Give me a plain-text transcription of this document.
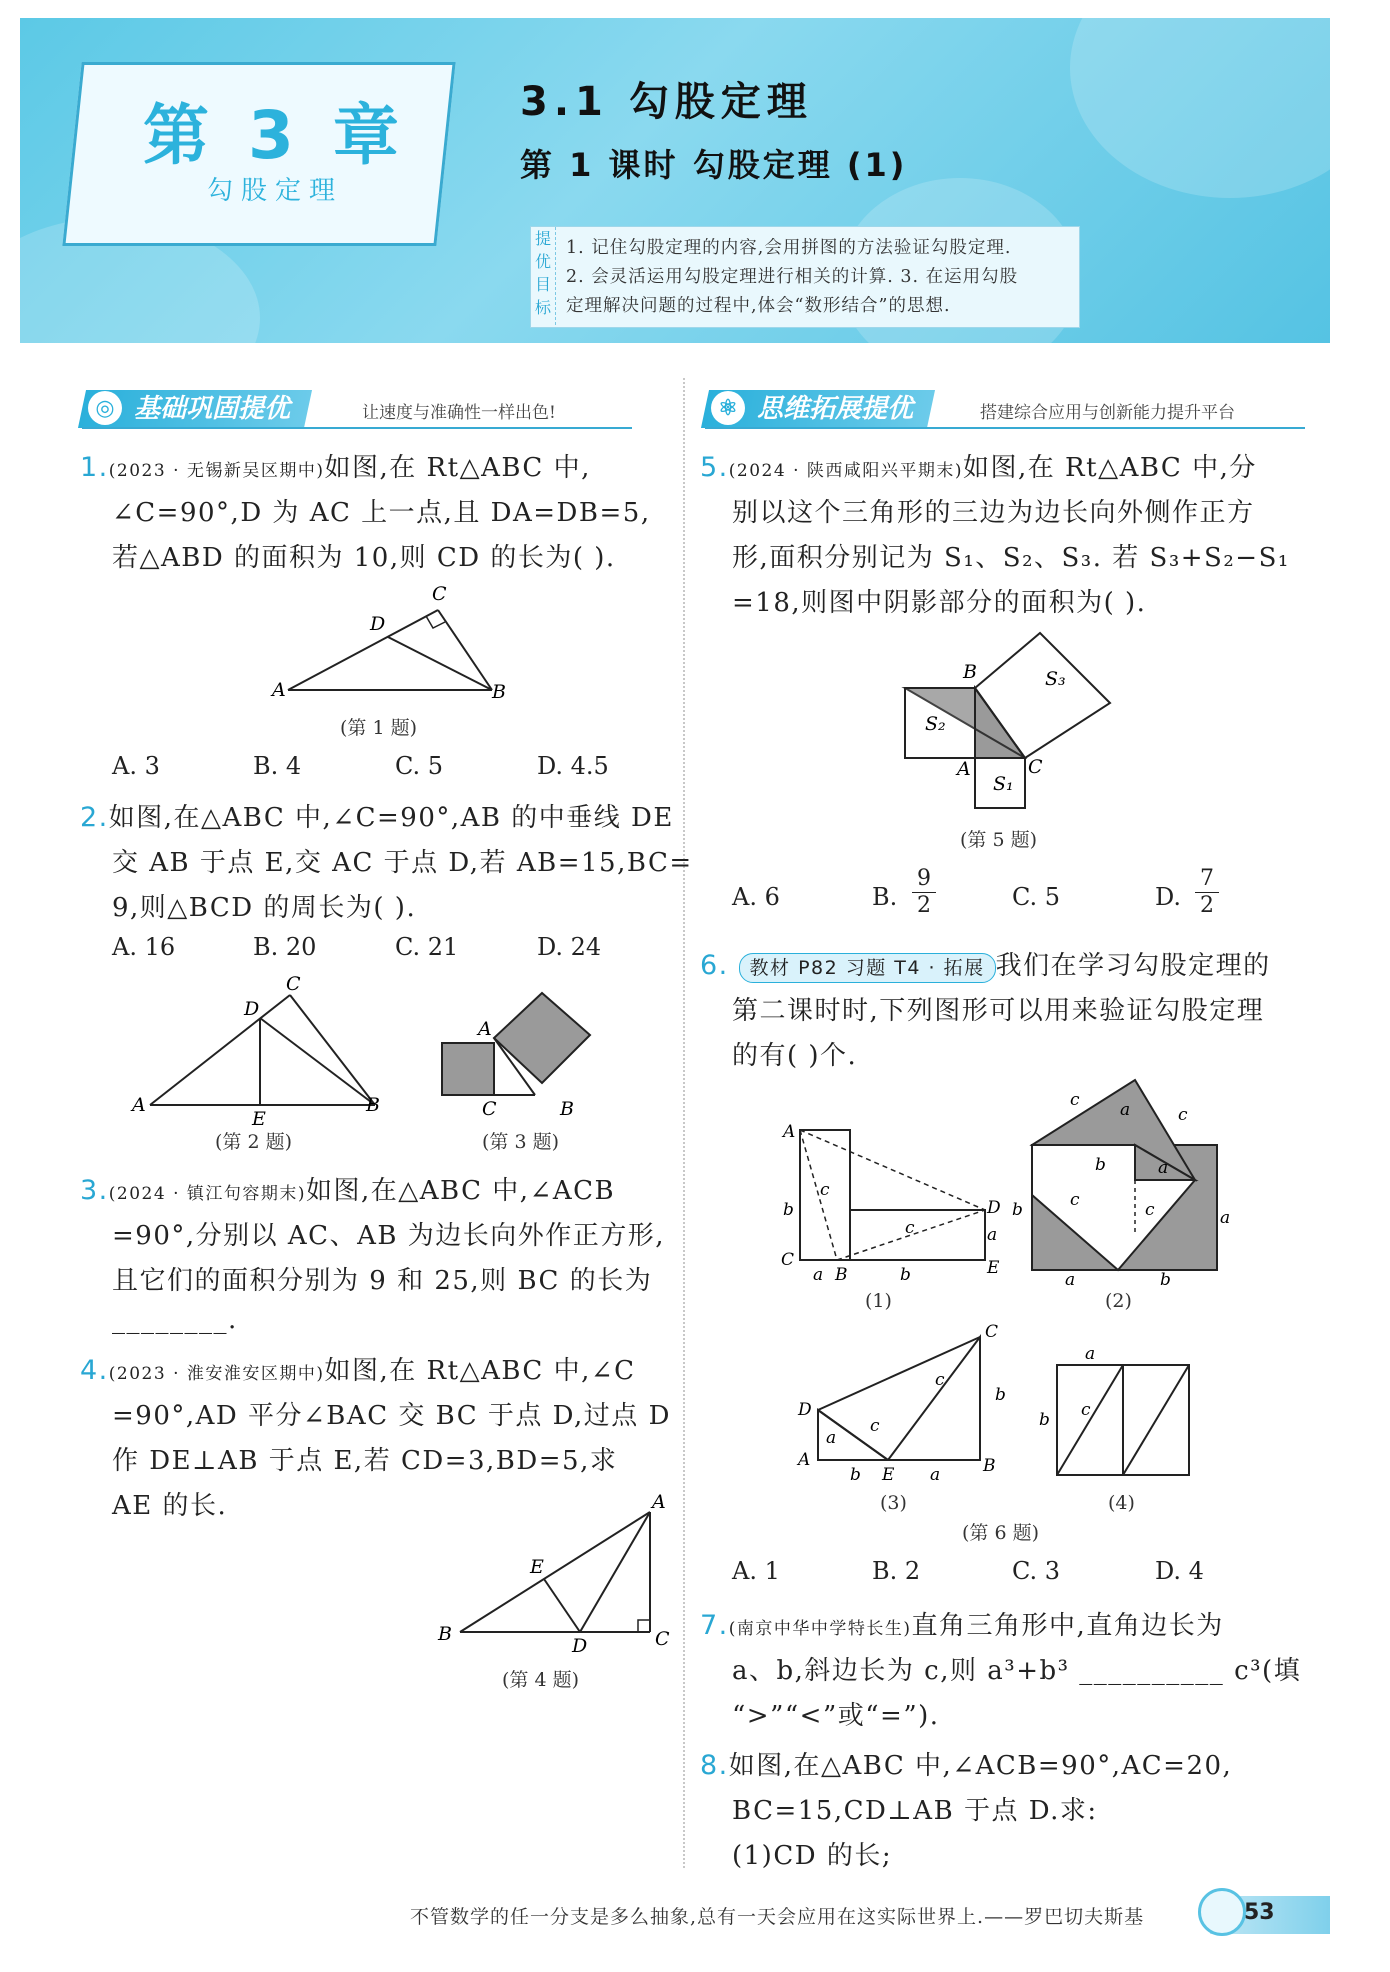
第 3 章
勾股定理
3.1 勾股定理
第 1 课时 勾股定理 (1)
提优目标
1. 记住勾股定理的内容,会用拼图的方法验证勾股定理.
2. 会灵活运用勾股定理进行相关的计算. 3. 在运用勾股
定理解决问题的过程中,体会“数形结合”的思想.
基础巩固提优
◎	让速度与准确性一样出色!	思维拓展提优
⚛	搭建综合应用与创新能力提升平台
1.(2023 · 无锡新吴区期中)如图,在 Rt△ABC 中,
∠C=90°,D 为 AC 上一点,且 DA=DB=5,
若△ABD 的面积为 10,则 CD 的长为( ).
A	B
C
D
(第 1 题)
A. 3	B. 4	C. 5	D. 4.5
2.如图,在△ABC 中,∠C=90°,AB 的中垂线 DE
交 AB 于点 E,交 AC 于点 D,若 AB=15,BC=
9,则△BCD 的周长为( ).
A. 16	B. 20	C. 21	D. 24
A	B
C
D
E
(第 2 题)
A
B
C
(第 3 题)
3.(2024 · 镇江句容期末)如图,在△ABC 中,∠ACB
=90°,分别以 AC、AB 为边长向外作正方形,
且它们的面积分别为 9 和 25,则 BC 的长为
________.
4.(2023 · 淮安淮安区期中)如图,在 Rt△ABC 中,∠C
=90°,AD 平分∠BAC 交 BC 于点 D,过点 D
作 DE⊥AB 于点 E,若 CD=3,BD=5,求
AE 的长.
B
A
C
D
E
(第 4 题)
5.(2024 · 陕西咸阳兴平期末)如图,在 Rt△ABC 中,分
别以这个三角形的三边为边长向外侧作正方
形,面积分别记为 S₁、S₂、S₃. 若 S₃+S₂−S₁
=18,则图中阴影部分的面积为( ).
B
A	C
S₁
S₂
S₃
(第 5 题)
A. 6	B. $\frac{9}{2}$	C. 5	D. $\frac{7}{2}$
6. 教材 P82 习题 T4 · 拓展 我们在学习勾股定理的
第二课时时,下列图形可以用来验证勾股定理
的有( )个.
A
b
C
a B	b	E
D
a
c
c
(1)
c a	c
b	a
c	c
b	a
a	b
(2)
C
D
A
a
c
c
b
b E a	B
(3)
a
b c
(4)
(第 6 题)
A. 1	B. 2	C. 3	D. 4
7.(南京中华中学特长生)直角三角形中,直角边长为
a、b,斜边长为 c,则 a³+b³ __________ c³(填
“>”“<”或“=”).
8.如图,在△ABC 中,∠ACB=90°,AC=20,
BC=15,CD⊥AB 于点 D.求:
(1)CD 的长;
不管数学的任一分支是多么抽象,总有一天会应用在这实际世界上.——罗巴切夫斯基	53
